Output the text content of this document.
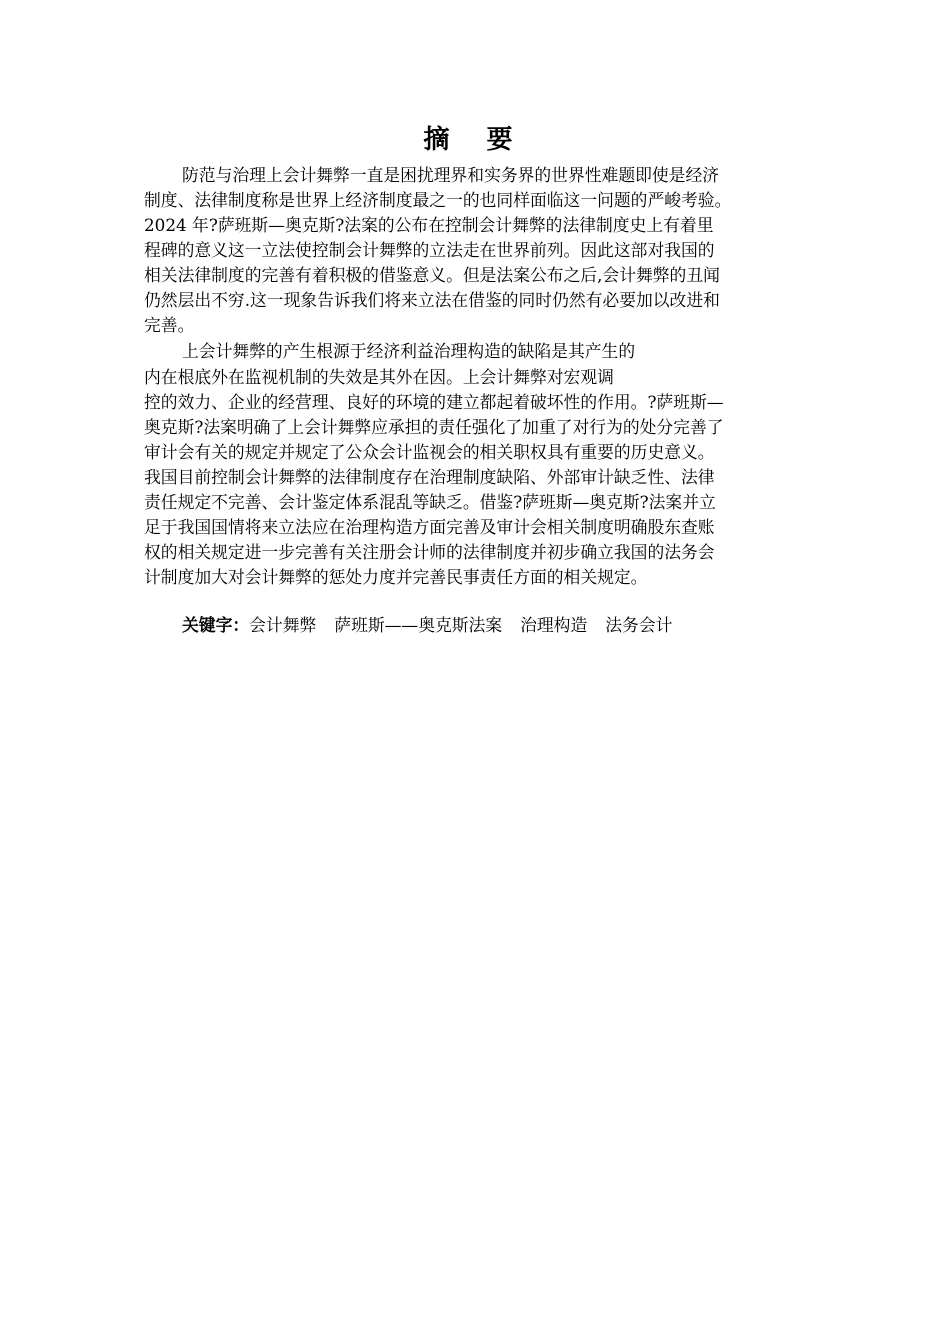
摘 要
防范与治理上会计舞弊一直是困扰理界和实务界的世界性难题即使是经济
制度、法律制度称是世界上经济制度最之一的也同样面临这一问题的严峻考验。
2024 年?萨班斯—奥克斯?法案的公布在控制会计舞弊的法律制度史上有着里
程碑的意义这一立法使控制会计舞弊的立法走在世界前列。因此这部对我国的
相关法律制度的完善有着积极的借鉴意义。但是法案公布之后,会计舞弊的丑闻
仍然层出不穷.这一现象告诉我们将来立法在借鉴的同时仍然有必要加以改进和
完善。
上会计舞弊的产生根源于经济利益治理构造的缺陷是其产生的
内在根底外在监视机制的失效是其外在因。上会计舞弊对宏观调
控的效力、企业的经营理、良好的环境的建立都起着破坏性的作用。?萨班斯—
奥克斯?法案明确了上会计舞弊应承担的责任强化了加重了对行为的处分完善了
审计会有关的规定并规定了公众会计监视会的相关职权具有重要的历史意义。
我国目前控制会计舞弊的法律制度存在治理制度缺陷、外部审计缺乏性、法律
责任规定不完善、会计鉴定体系混乱等缺乏。借鉴?萨班斯—奥克斯?法案并立
足于我国国情将来立法应在治理构造方面完善及审计会相关制度明确股东查账
权的相关规定进一步完善有关注册会计师的法律制度并初步确立我国的法务会
计制度加大对会计舞弊的惩处力度并完善民事责任方面的相关规定。
关键字：会计舞弊 萨班斯——奥克斯法案 治理构造 法务会计
